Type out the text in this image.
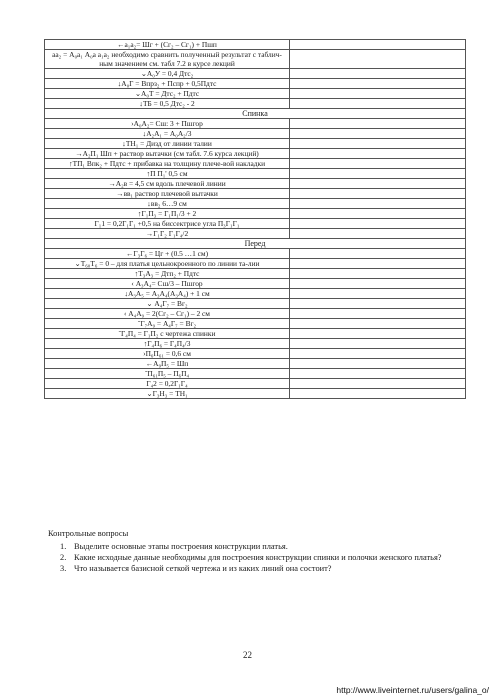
←a₁a₂= Шг + (Сг₂ – Сг₁) + Пшп	
aa₂ = А₀a₁ А₀a a₁a₂ необходимо сравнить полученный результат с таблич-ным значением см. табл 7.2 в курсе лекций	
⌄А₀У = 0,4 Дтс₂	
↓А₀Г = Впрз₂ + Пспр + 0,5Пдтс	
⌄А₀Т = Дтс₂ + Пдтс	
↓ТБ = 0,5 Дтс₂ - 2	
Спинка	
›А₀А₂= Сш: 3 + Пшгор	
↓А₂А₁ = А₀А₂/3	
↓ТН₁ = Дизд от линии талии	
→А₂П₁ Шп + раствор вытачки (см табл. 7.6 курса лекций)	
↑ТП₁ Впк₂ + Пдтс + прибавка на толщину плече-вой накладки	
↑П П₁' 0,5 см	
→А₂в = 4,5 см вдоль плечевой линии	
→вв₁ раствор плечевой вытачки	
↓вв₂ 6…9 см	
↑Г₁П₃ = Г₁П₁/3 + 2	
Г₁1 = 0,2Г₁Г₁ +0,5 на биссектрисе угла П₃Г₁Г₁	
→Г₁Г₂ Г₁Г₄/2	
Перед	
←Г₃Г₆ = Цг + (0.5 …1 см)	
⌄Т₆₀Т₆ = 0 – для платья цельнокроенного по линии та-лии	
↑Т₃А₃ = Дтп₂ + Пдтс	
‹ А₃А₄= Сш/3 – Пшгор	
↓А₃А₅ = А₃А₄(А₃А₄) + 1 см	
⌄ А₄Г₇ = Вг₂	
‹ А₄А₉ = 2(Сг₂ – Сг₁) – 2 см	
ˆГ₇А₉ = А₄Г₇ = Вг₂	
ˆГ₄П₄ = Г₁П₂ с чертежа спинки	
↑Г₄П₆ = Г₄П₄/3	
›П₆П₆₁ = 0,6 см	
←А₉П₅ = Шп	
ˆП₆₁П₅ – П₆П₄	
Г₄2 = 0,2Г₁Г₄	
⌄Г₃Н₃ = ТН₁	
Контрольные вопросы
1. Выделите основные этапы построения конструкции платья.
2. Какие исходные данные необходимы для построения конструкции спинки и полочки женского платья?
3. Что называется базисной сеткой чертежа и из каких линий она состоит?
22
http://www.liveinternet.ru/users/galina_o/
